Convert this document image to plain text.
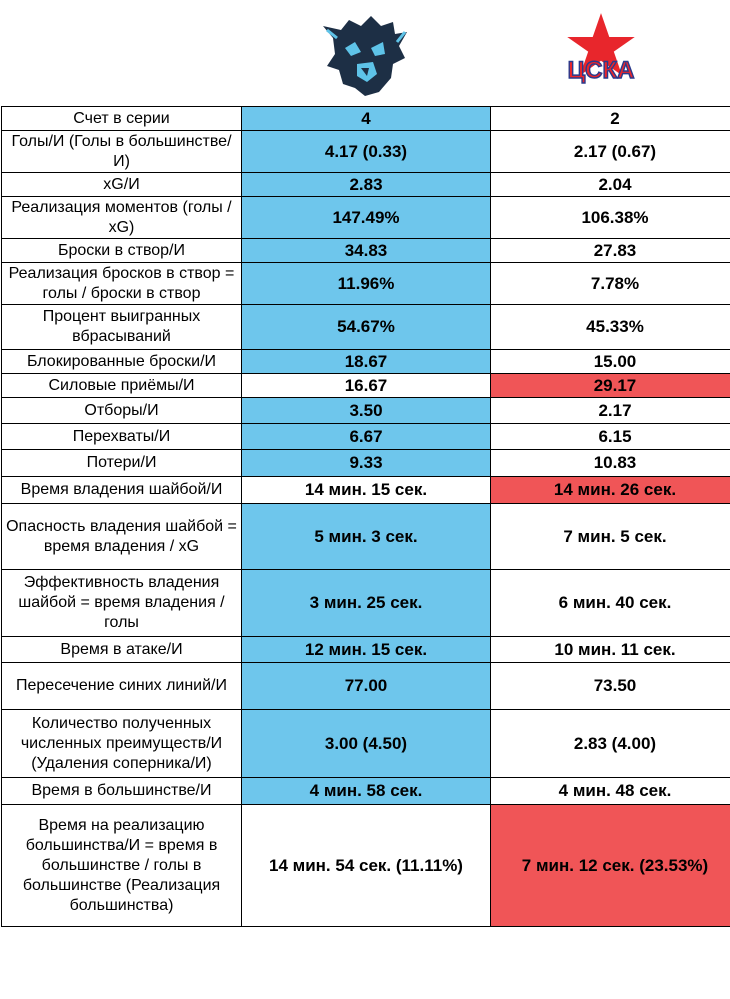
ЦСКА
Счет в серии	4	2
Голы/И (Голы в большинстве/И)	4.17 (0.33)	2.17 (0.67)
xG/И	2.83	2.04
Реализация моментов (голы / xG)	147.49%	106.38%
Броски в створ/И	34.83	27.83
Реализация бросков в створ = голы / броски в створ	11.96%	7.78%
Процент выигранных вбрасываний	54.67%	45.33%
Блокированные броски/И	18.67	15.00
Силовые приёмы/И	16.67	29.17
Отборы/И	3.50	2.17
Перехваты/И	6.67	6.15
Потери/И	9.33	10.83
Время владения шайбой/И	14 мин. 15 сек.	14 мин. 26 сек.
Опасность владения шайбой = время владения / xG	5 мин. 3 сек.	7 мин. 5 сек.
Эффективность владения шайбой = время владения / голы	3 мин. 25 сек.	6 мин. 40 сек.
Время в атаке/И	12 мин. 15 сек.	10 мин. 11 сек.
Пересечение синих линий/И	77.00	73.50
Количество полученных численных преимуществ/И (Удаления соперника/И)	3.00 (4.50)	2.83 (4.00)
Время в большинстве/И	4 мин. 58 сек.	4 мин. 48 сек.
Время на реализацию большинства/И = время в большинстве / голы в большинстве (Реализация большинства)	14 мин. 54 сек. (11.11%)	7 мин. 12 сек. (23.53%)
